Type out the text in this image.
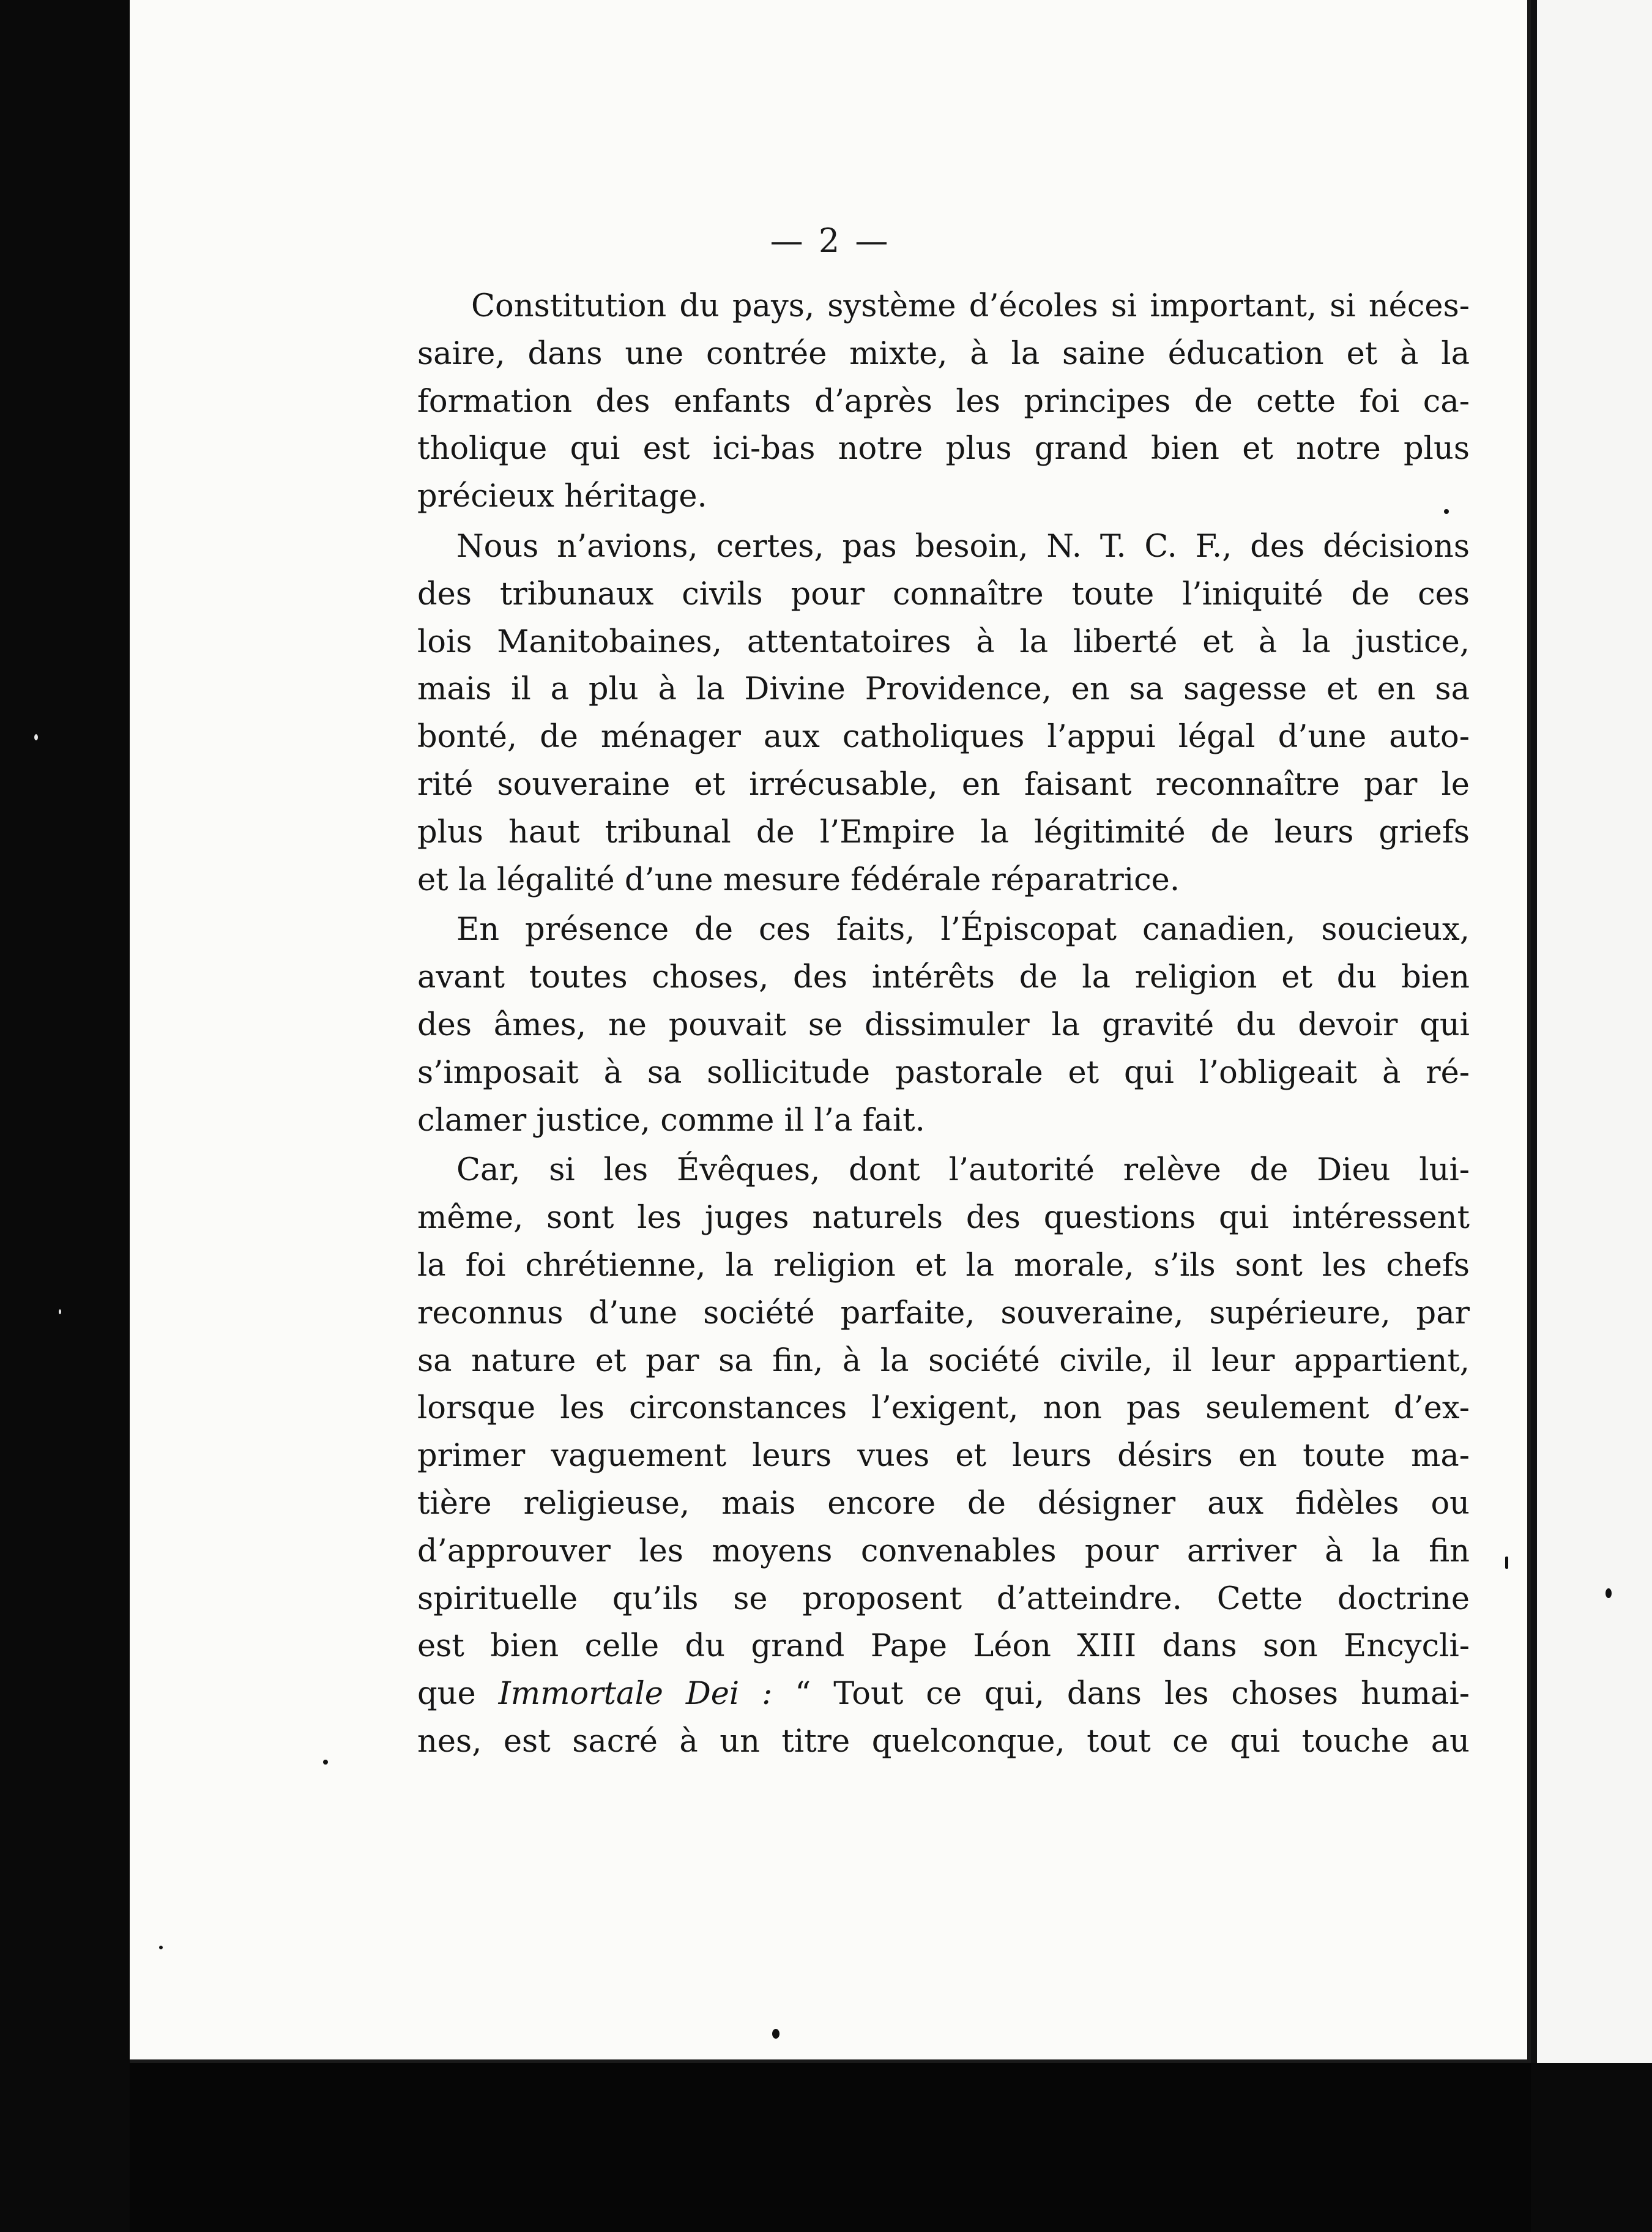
— 2 —

Constitution du pays, système d’écoles si important, si néces-
saire, dans une contrée mixte, à la saine éducation et à la
formation des enfants d’après les principes de cette foi ca-
tholique qui est ici-bas notre plus grand bien et notre plus
précieux héritage.

Nous n’avions, certes, pas besoin, N. T. C. F., des décisions
des tribunaux civils pour connaître toute l’iniquité de ces
lois Manitobaines, attentatoires à la liberté et à la justice,
mais il a plu à la Divine Providence, en sa sagesse et en sa
bonté, de ménager aux catholiques l’appui légal d’une auto-
rité souveraine et irrécusable, en faisant reconnaître par le
plus haut tribunal de l’Empire la légitimité de leurs griefs
et la légalité d’une mesure fédérale réparatrice.

En présence de ces faits, l’Épiscopat canadien, soucieux,
avant toutes choses, des intérêts de la religion et du bien
des âmes, ne pouvait se dissimuler la gravité du devoir qui
s’imposait à sa sollicitude pastorale et qui l’obligeait à ré-
clamer justice, comme il l’a fait.

Car, si les Évêques, dont l’autorité relève de Dieu lui-
même, sont les juges naturels des questions qui intéressent
la foi chrétienne, la religion et la morale, s’ils sont les chefs
reconnus d’une société parfaite, souveraine, supérieure, par
sa nature et par sa fin, à la société civile, il leur appartient,
lorsque les circonstances l’exigent, non pas seulement d’ex-
primer vaguement leurs vues et leurs désirs en toute ma-
tière religieuse, mais encore de désigner aux fidèles ou
d’approuver les moyens convenables pour arriver à la fin
spirituelle qu’ils se proposent d’atteindre. Cette doctrine
est bien celle du grand Pape Léon XIII dans son Encycli-
que Immortale Dei : “ Tout ce qui, dans les choses humai-
nes, est sacré à un titre quelconque, tout ce qui touche au
